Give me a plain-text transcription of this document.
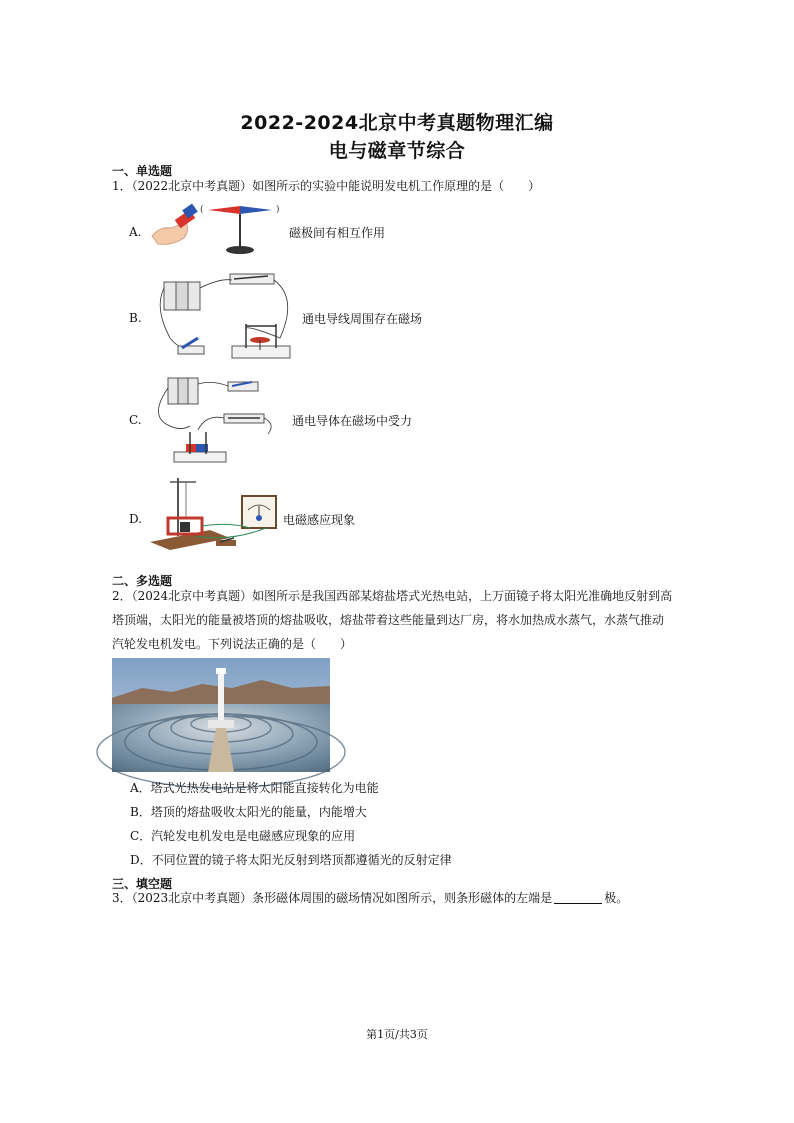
2022-2024北京中考真题物理汇编
电与磁章节综合
一、单选题
1．（2022北京中考真题）如图所示的实验中能说明发电机工作原理的是（　　）
A.
(	)
磁极间有相互作用
B.	通电导线周围存在磁场
C.	通电导体在磁场中受力
D.	电磁感应现象
二、多选题
2．（2024北京中考真题）如图所示是我国西部某熔盐塔式光热电站，上万面镜子将太阳光准确地反射到高
塔顶端，太阳光的能量被塔顶的熔盐吸收，熔盐带着这些能量到达厂房，将水加热成水蒸气，水蒸气推动
汽轮发电机发电。下列说法正确的是（　　）
A．塔式光热发电站是将太阳能直接转化为电能
B．塔顶的熔盐吸收太阳光的能量，内能增大
C．汽轮发电机发电是电磁感应现象的应用
D．不同位置的镜子将太阳光反射到塔顶都遵循光的反射定律
三、填空题
3．（2023北京中考真题）条形磁体周围的磁场情况如图所示，则条形磁体的左端是	极。
第1页/共3页
